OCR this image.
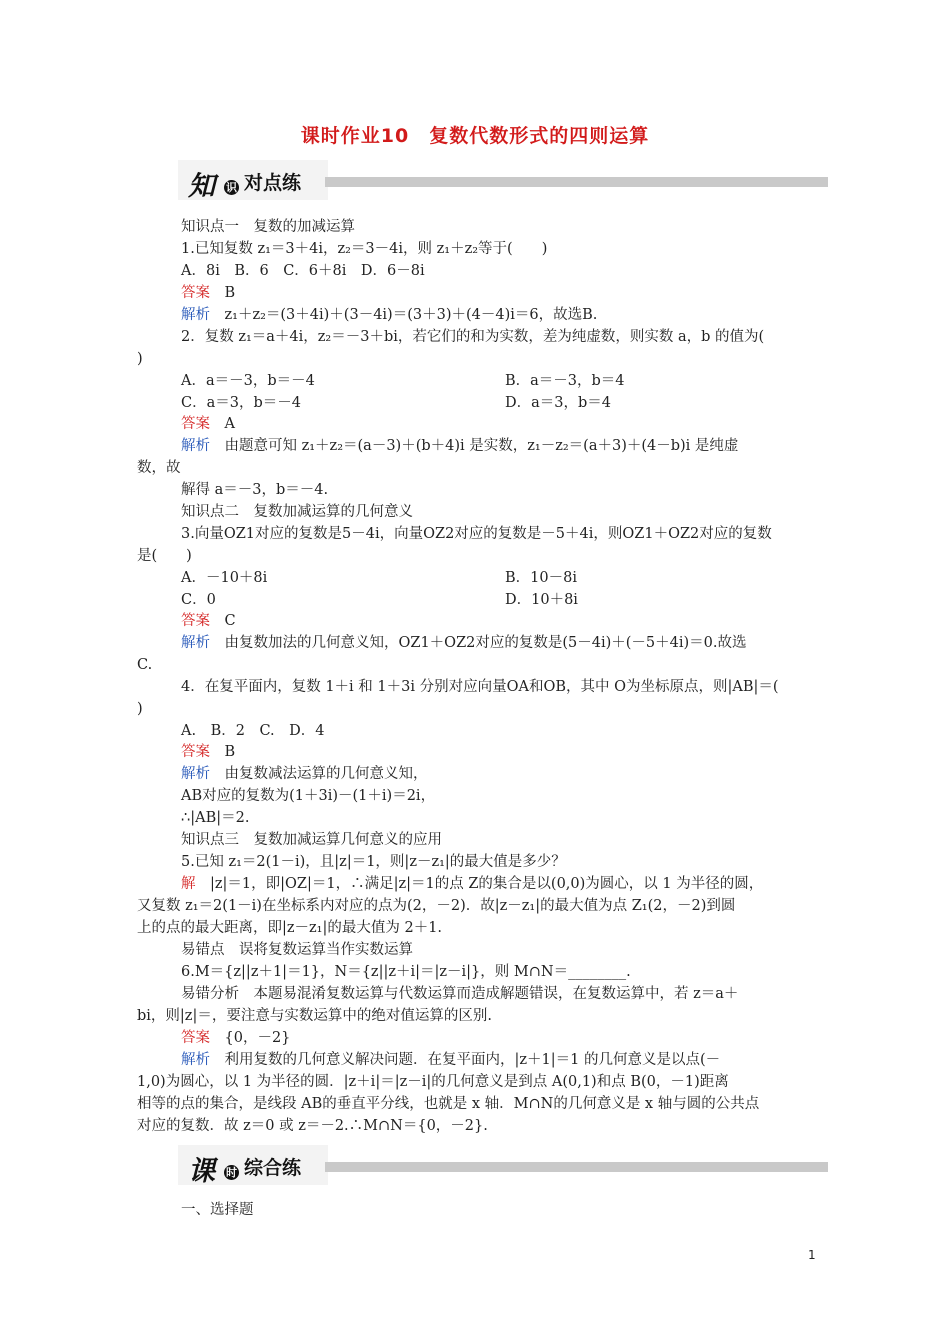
课时作业10　复数代数形式的四则运算
知 识 对点练
知识点一　复数的加减运算
1.已知复数 z₁＝3＋4i，z₂＝3－4i，则 z₁＋z₂等于(　　)
A．8i　B．6　C．6＋8i　D．6－8i
答案　 B
解析　 z₁＋z₂＝(3＋4i)＋(3－4i)＝(3＋3)＋(4－4)i＝6，故选B.
2．复数 z₁＝a＋4i，z₂＝－3＋bi，若它们的和为实数，差为纯虚数，则实数 a，b 的值为(
)
A．a＝－3，b＝－4	B．a＝－3，b＝4
C．a＝3，b＝－4	D．a＝3，b＝4
答案　 A
解析　 由题意可知 z₁＋z₂＝(a－3)＋(b＋4)i 是实数，z₁－z₂＝(a＋3)＋(4－b)i 是纯虚
数，故
解得 a＝－3，b＝－4.
知识点二　复数加减运算的几何意义
3.向量OZ1对应的复数是5－4i，向量OZ2对应的复数是－5＋4i，则OZ1＋OZ2对应的复数
是(　　)
A．－10＋8i	B．10－8i
C．0	D．10＋8i
答案　 C
解析　 由复数加法的几何意义知，OZ1＋OZ2对应的复数是(5－4i)＋(－5＋4i)＝0.故选
C.
4．在复平面内，复数 1＋i 和 1＋3i 分别对应向量OA和OB，其中 O为坐标原点，则|AB|＝(
)
A.　B．2　C.　D．4
答案　 B
解析　 由复数减法运算的几何意义知，
AB对应的复数为(1＋3i)－(1＋i)＝2i，
∴|AB|＝2.
知识点三　复数加减运算几何意义的应用
5.已知 z₁＝2(1－i)，且|z|＝1，则|z－z₁|的最大值是多少？
解　 |z|＝1，即|OZ|＝1，∴满足|z|＝1的点 Z的集合是以(0,0)为圆心，以 1 为半径的圆，
又复数 z₁＝2(1－i)在坐标系内对应的点为(2，－2)．故|z－z₁|的最大值为点 Z₁(2，－2)到圆
上的点的最大距离，即|z－z₁|的最大值为 2＋1.
易错点　误将复数运算当作实数运算
6.M＝{z||z＋1|＝1}，N＝{z||z＋i|＝|z－i|}，则 M∩N＝________.
易错分析　本题易混淆复数运算与代数运算而造成解题错误，在复数运算中，若 z＝a＋
bi，则|z|＝，要注意与实数运算中的绝对值运算的区别.
答案　 {0，－2}
解析　 利用复数的几何意义解决问题．在复平面内，|z＋1|＝1 的几何意义是以点(－
1,0)为圆心，以 1 为半径的圆．|z＋i|＝|z－i|的几何意义是到点 A(0,1)和点 B(0，－1)距离
相等的点的集合，是线段 AB的垂直平分线，也就是 x 轴．M∩N的几何意义是 x 轴与圆的公共点
对应的复数．故 z＝0 或 z＝－2.∴M∩N＝{0，－2}.
课 时 综合练
一、选择题
1
